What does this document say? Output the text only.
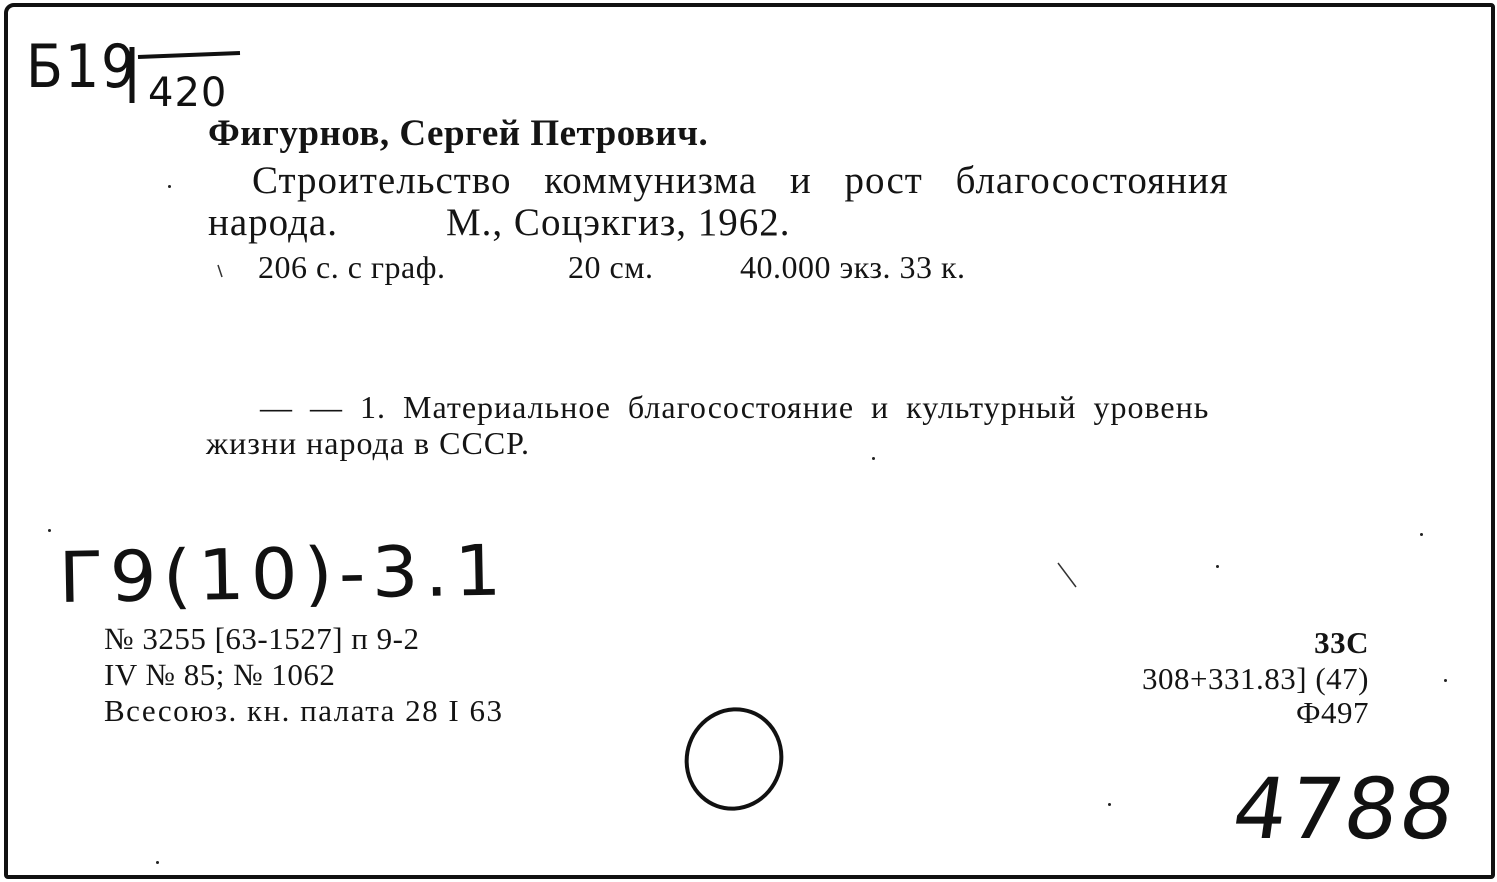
Б19 420
Фигурнов, Сергей Петрович.
Строительство коммунизма и рост благосостояния
народа.	М., Соцэкгиз, 1962.
206 с. с граф.	20 см.	40.000 экз. 33 к.
— — 1. Материальное благосостояние и культурный уровень
жизни народа в СССР.
Г9(10)-3.1
№ 3255 [63-1527] п 9-2
IV № 85; № 1062
Всесоюз. кн. палата 28 I 63
33С
308+331.83] (47)
Ф497
4788
